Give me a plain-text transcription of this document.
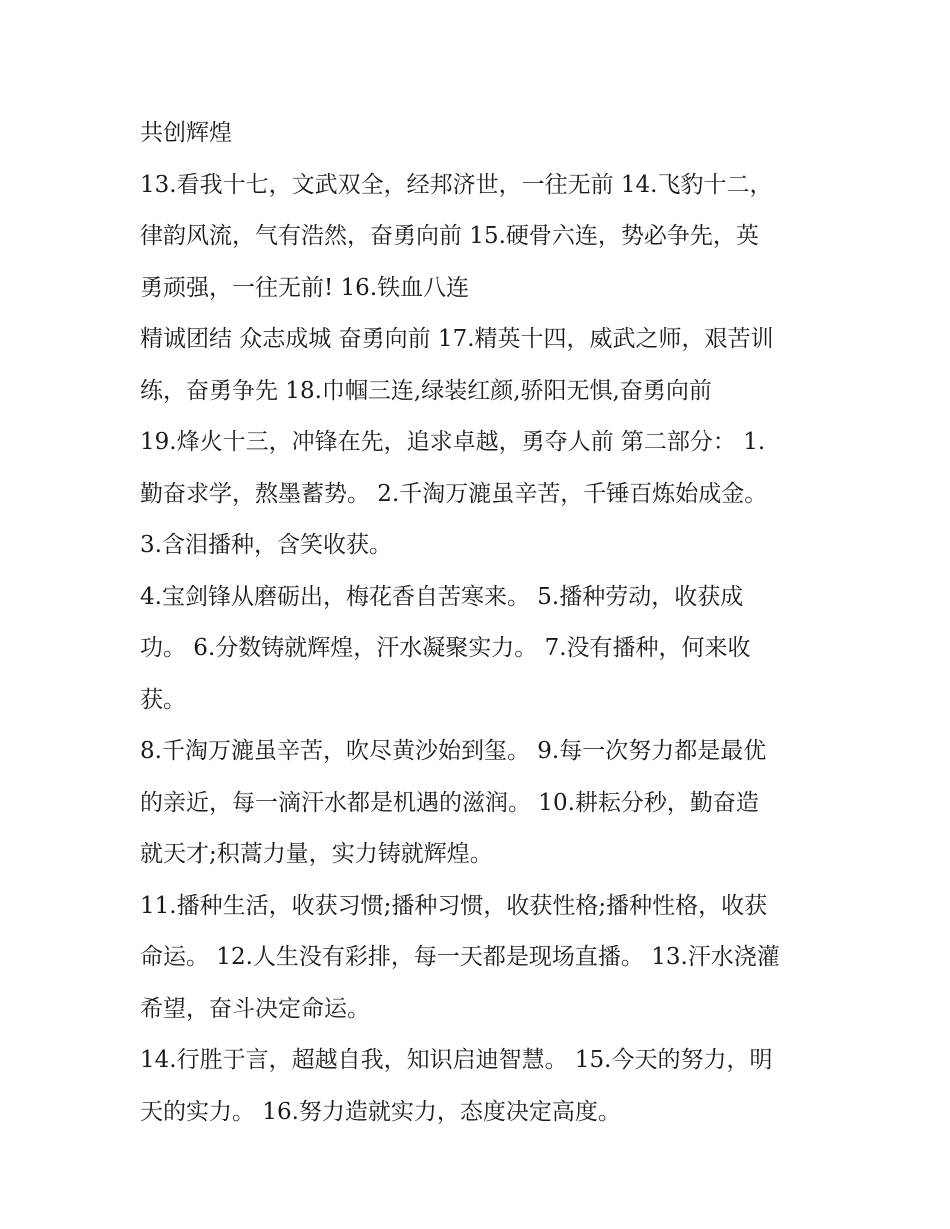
共创辉煌
13.看我十七，文武双全，经邦济世，一往无前 14.飞豹十二，
律韵风流，气有浩然，奋勇向前 15.硬骨六连，势必争先，英
勇顽强，一往无前! 16.铁血八连
精诚团结 众志成城 奋勇向前 17.精英十四，威武之师，艰苦训
练，奋勇争先 18.巾帼三连,绿装红颜,骄阳无惧,奋勇向前
19.烽火十三，冲锋在先，追求卓越，勇夺人前 第二部分： 1.
勤奋求学，熬墨蓄势。 2.千淘万漉虽辛苦，千锤百炼始成金。
3.含泪播种，含笑收获。
4.宝剑锋从磨砺出，梅花香自苦寒来。 5.播种劳动，收获成
功。 6.分数铸就辉煌，汗水凝聚实力。 7.没有播种，何来收
获。
8.千淘万漉虽辛苦，吹尽黄沙始到玺。 9.每一次努力都是最优
的亲近，每一滴汗水都是机遇的滋润。 10.耕耘分秒，勤奋造
就天才;积蒿力量，实力铸就辉煌。
11.播种生活，收获习惯;播种习惯，收获性格;播种性格，收获
命运。 12.人生没有彩排，每一天都是现场直播。 13.汗水浇灌
希望，奋斗决定命运。
14.行胜于言，超越自我，知识启迪智慧。 15.今天的努力，明
天的实力。 16.努力造就实力，态度决定高度。
